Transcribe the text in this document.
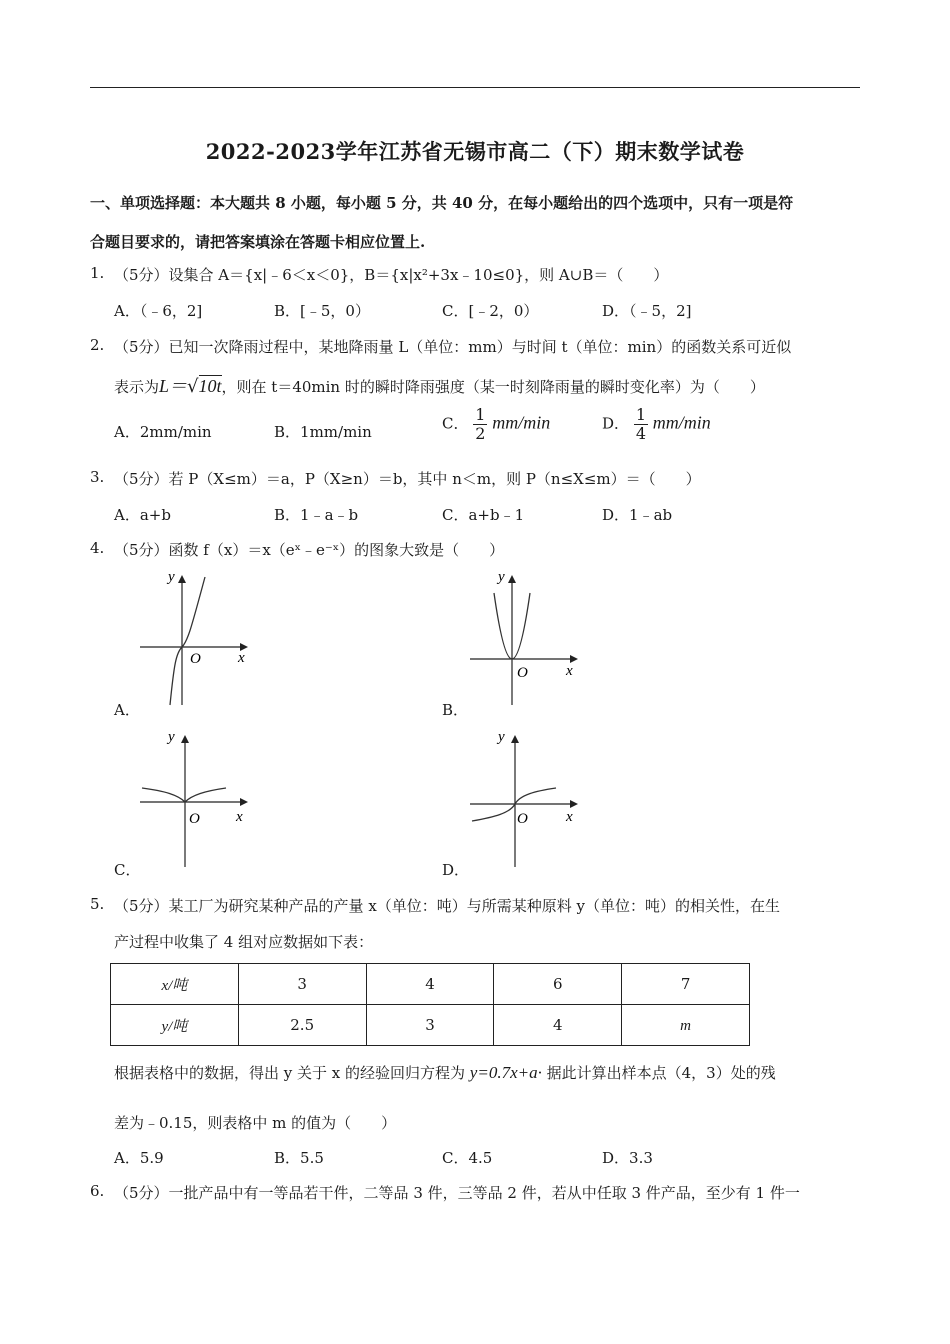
2022-2023学年江苏省无锡市高二（下）期末数学试卷
一、单项选择题：本大题共 8 小题，每小题 5 分，共 40 分，在每小题给出的四个选项中，只有一项是符
合题目要求的，请把答案填涂在答题卡相应位置上.
1. （5分）设集合 A＝{x|﹣6＜x＜0}，B＝{x|x²+3x﹣10≤0}，则 A∪B＝（　　）
A．（﹣6，2]	B．[﹣5，0）	C．[﹣2，0）	D．（﹣5，2]
2. （5分）已知一次降雨过程中，某地降雨量 L（单位：mm）与时间 t（单位：min）的函数关系可近似
表示为L＝√10t，则在 t＝40min 时的瞬时降雨强度（某一时刻降雨量的瞬时变化率）为（　　）
A．2mm/min	B．1mm/min	C． $\frac{1}{2} mm/\min$	D． $\frac{1}{4} mm/\min$
3. （5分）若 P（X≤m）＝a，P（X≥n）＝b，其中 n＜m，则 P（n≤X≤m）＝（　　）
A．a+b	B．1﹣a﹣b	C．a+b﹣1	D．1﹣ab
4. （5分）函数 f（x）＝x（eˣ﹣e⁻ˣ）的图象大致是（　　）
O x
y
A．
O	x
y
B．
O x
y
C．
O	x
y
D．
5. （5分）某工厂为研究某种产品的产量 x（单位：吨）与所需某种原料 y（单位：吨）的相关性，在生
产过程中收集了 4 组对应数据如下表：
x/吨	3	4	6	7
y/吨	2.5	3	4	m
根据表格中的数据，得出 y 关于 x 的经验回归方程为 y=0.7x+a· 据此计算出样本点（4，3）处的残
差为﹣0.15，则表格中 m 的值为（　　）
A．5.9	B．5.5	C．4.5	D．3.3
6. （5分）一批产品中有一等品若干件，二等品 3 件，三等品 2 件，若从中任取 3 件产品，至少有 1 件一
